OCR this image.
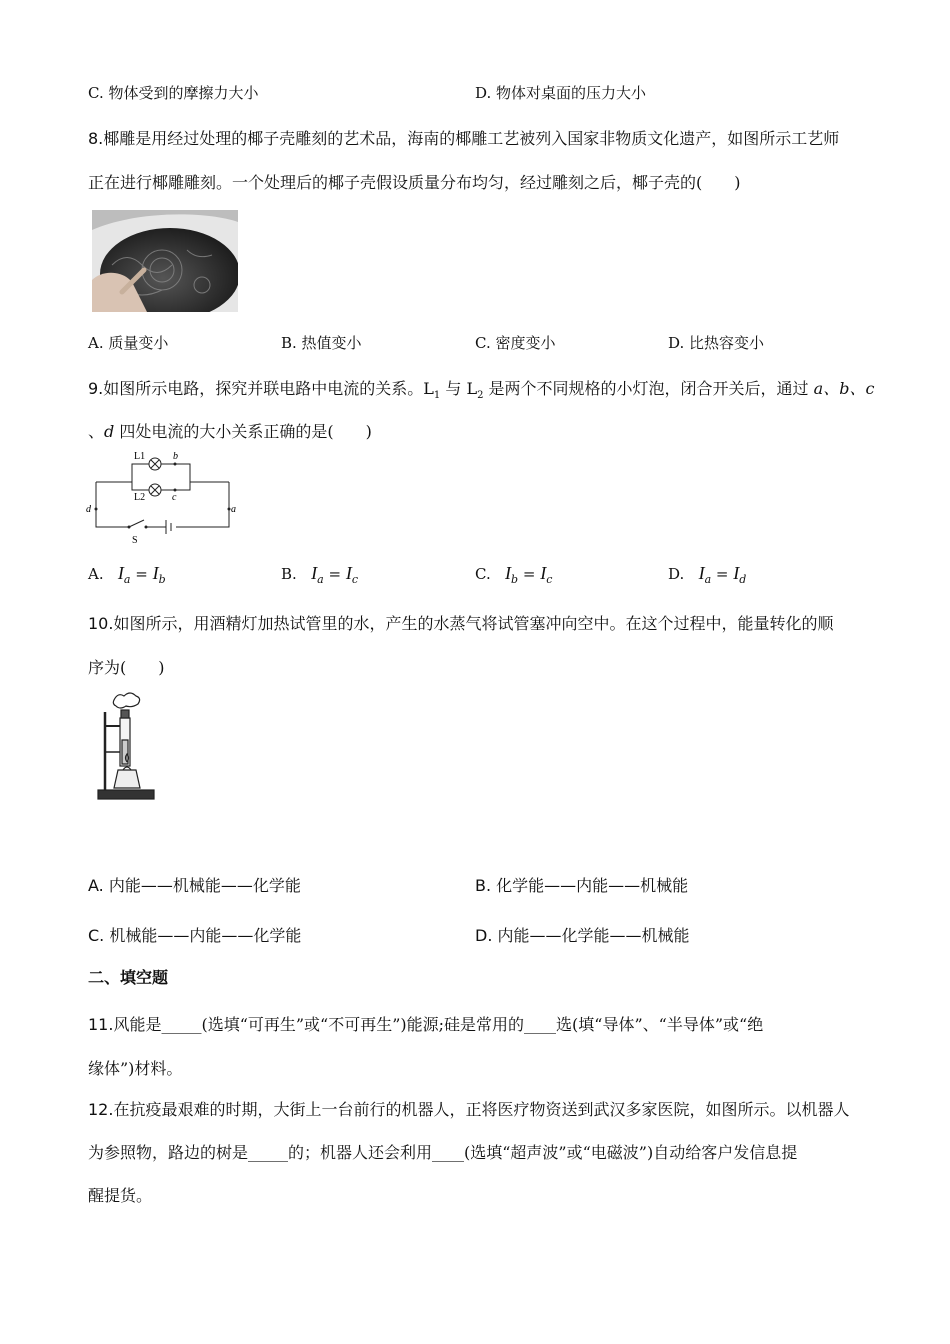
C. 物体受到的摩擦力大小	D. 物体对桌面的压力大小
8.椰雕是用经过处理的椰子壳雕刻的艺术品，海南的椰雕工艺被列入国家非物质文化遗产，如图所示工艺师
正在进行椰雕雕刻。一个处理后的椰子壳假设质量分布均匀，经过雕刻之后，椰子壳的(　　)
A. 质量变小	B. 热值变小	C. 密度变小	D. 比热容变小
9.如图所示电路，探究并联电路中电流的关系。$L_1$ 与 $L_2$ 是两个不同规格的小灯泡，闭合开关后，通过 a、b、c
、d 四处电流的大小关系正确的是(　　)
L1
L2
b
c
d	a
S
A. $I_a = I_b$	B. $I_a = I_c$	C. $I_b = I_c$	D. $I_a = I_d$
10.如图所示，用酒精灯加热试管里的水，产生的水蒸气将试管塞冲向空中。在这个过程中，能量转化的顺
序为(　　)
A. 内能——机械能——化学能	B. 化学能——内能——机械能
C. 机械能——内能——化学能	D. 内能——化学能——机械能
二、填空题
11.风能是_____(选填“可再生”或“不可再生”)能源;硅是常用的____选(填“导体”、“半导体”或“绝
缘体”)材料。
12.在抗疫最艰难的时期，大街上一台前行的机器人，正将医疗物资送到武汉多家医院，如图所示。以机器人
为参照物，路边的树是_____的；机器人还会利用____(选填“超声波”或“电磁波”)自动给客户发信息提
醒提货。
